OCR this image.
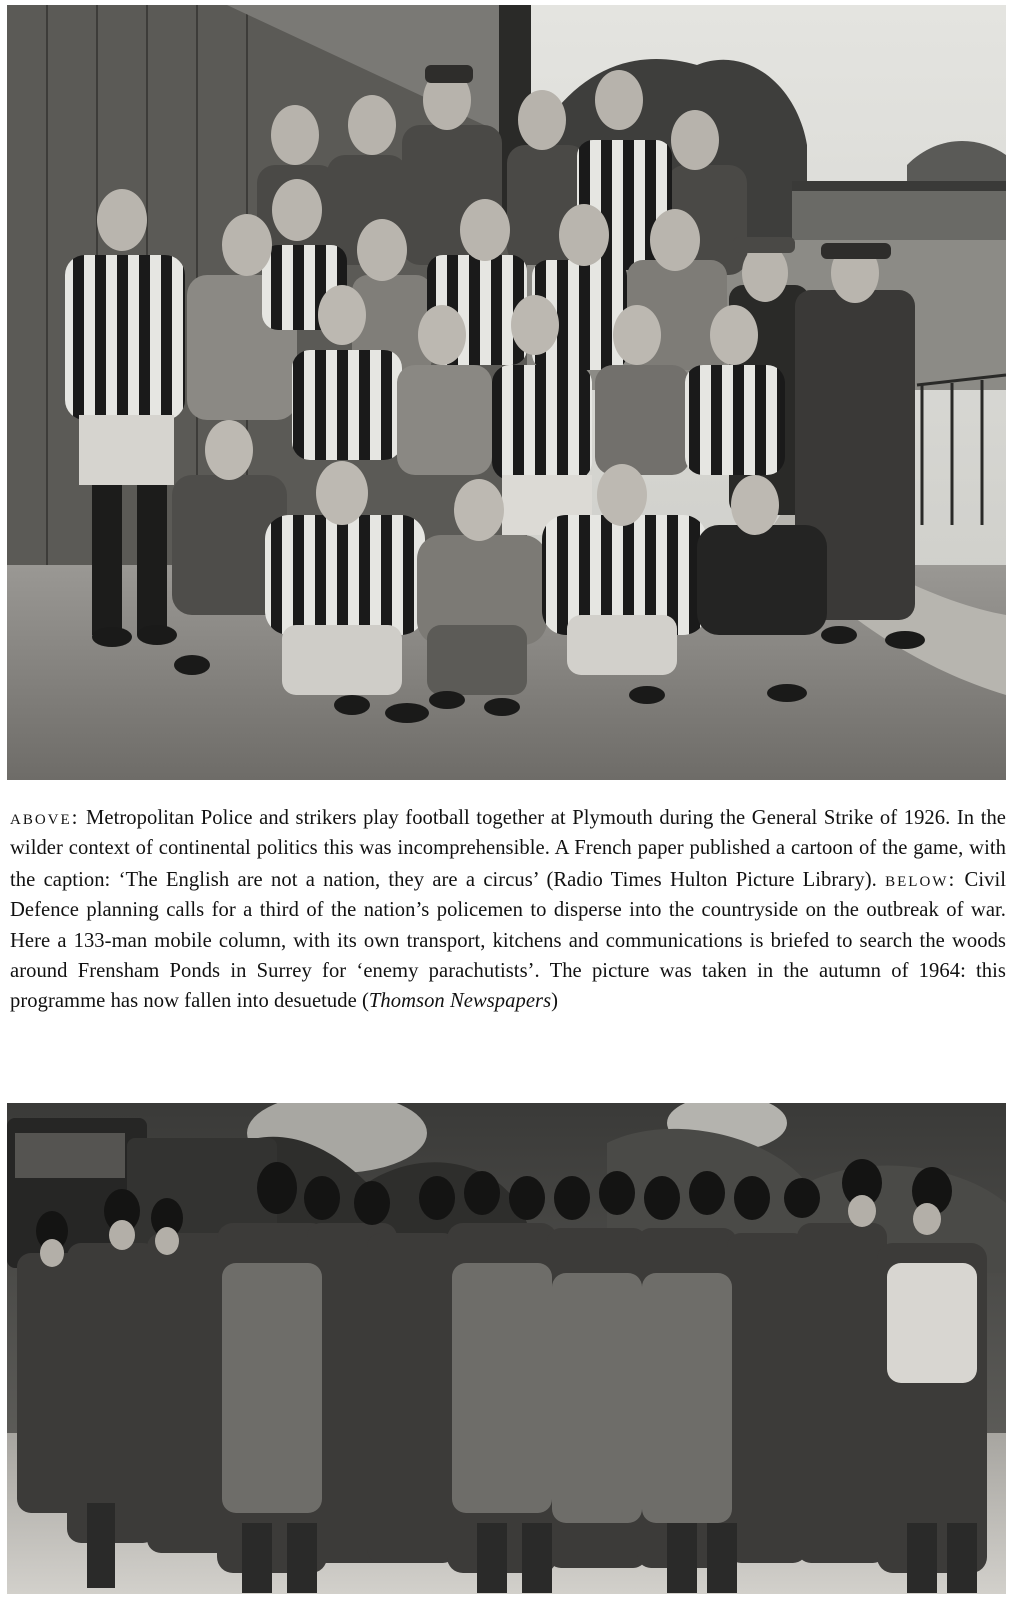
above: Metropolitan Police and strikers play football together at Plymouth during the General Strike of 1926. In the wilder context of continental politics this was incomprehensible. A French paper published a cartoon of the game, with the caption: ‘The English are not a nation, they are a circus’ (Radio Times Hulton Picture Library). below: Civil Defence planning calls for a third of the nation’s policemen to disperse into the countryside on the outbreak of war. Here a 133-man mobile column, with its own transport, kitchens and communications is briefed to search the woods around Frensham Ponds in Surrey for ‘enemy parachutists’. The picture was taken in the autumn of 1964: this programme has now fallen into desuetude (Thomson Newspapers)
